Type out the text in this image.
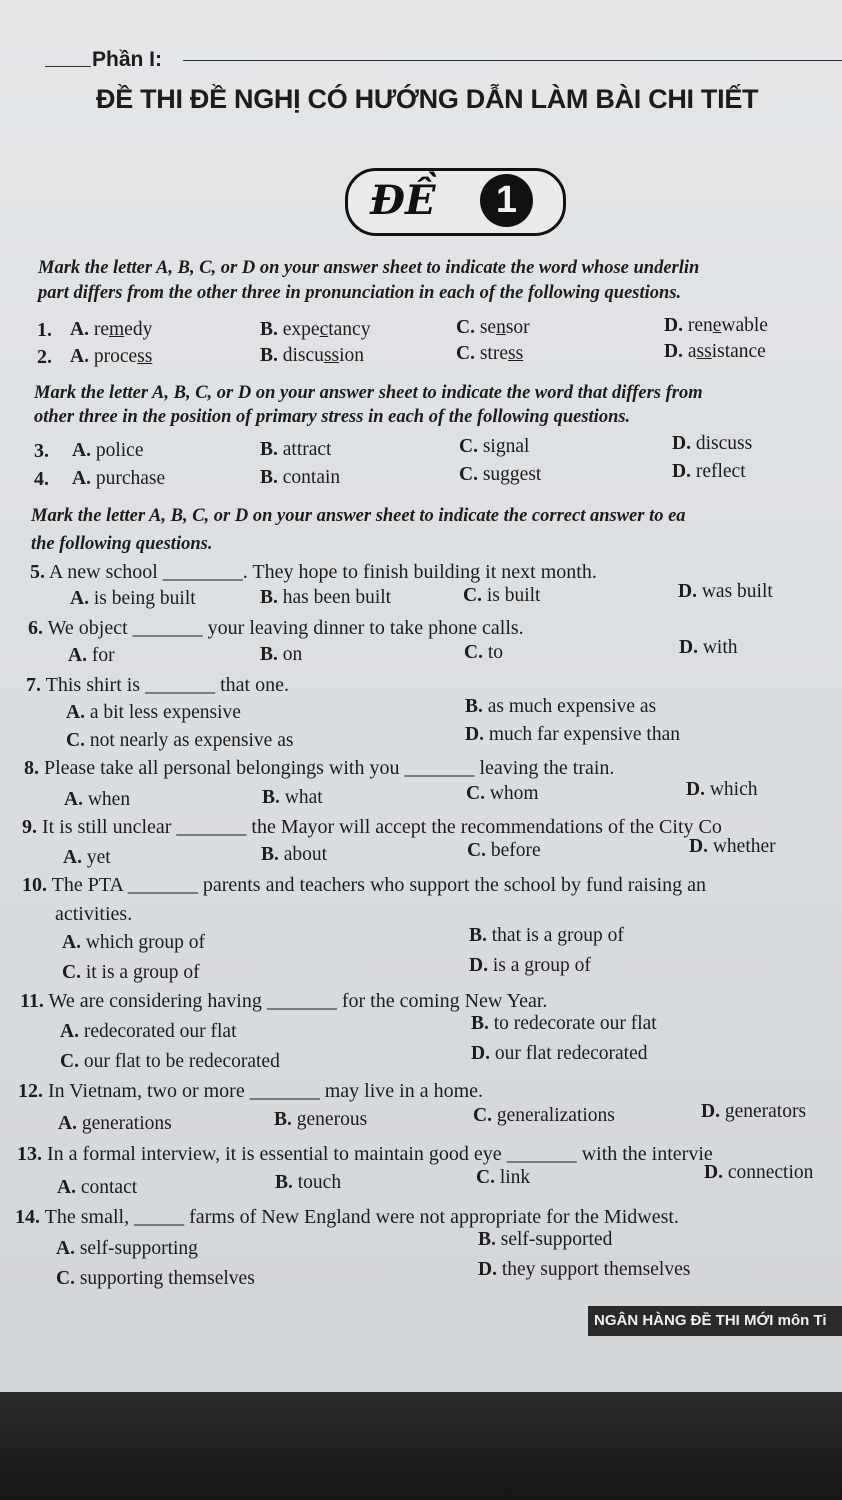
Phần I:
ĐỀ THI ĐỀ NGHỊ CÓ HƯỚNG DẪN LÀM BÀI CHI TIẾT
ĐỀ	1
Mark the letter A, B, C, or D on your answer sheet to indicate the word whose underlin
part differs from the other three in pronunciation in each of the following questions.
1. A. remedy	B. expectancy	C. sensor	D. renewable
2. A. process	B. discussion	C. stress	D. assistance
Mark the letter A, B, C, or D on your answer sheet to indicate the word that differs from
other three in the position of primary stress in each of the following questions.
3. A. police	B. attract	C. signal	D. discuss
4. A. purchase	B. contain	C. suggest	D. reflect
Mark the letter A, B, C, or D on your answer sheet to indicate the correct answer to ea
the following questions.
5. A new school ________. They hope to finish building it next month.
A. is being built	B. has been built	C. is built	D. was built
6. We object _______ your leaving dinner to take phone calls.
A. for	B. on	C. to	D. with
7. This shirt is _______ that one.
A. a bit less expensive	B. as much expensive as
C. not nearly as expensive as	D. much far expensive than
8. Please take all personal belongings with you _______ leaving the train.
A. when	B. what	C. whom	D. which
9. It is still unclear _______ the Mayor will accept the recommendations of the City Co
A. yet	B. about	C. before	D. whether
10. The PTA _______ parents and teachers who support the school by fund raising an
activities.
A. which group of	B. that is a group of
C. it is a group of	D. is a group of
11. We are considering having _______ for the coming New Year.
A. redecorated our flat	B. to redecorate our flat
C. our flat to be redecorated	D. our flat redecorated
12. In Vietnam, two or more _______ may live in a home.
A. generations	B. generous	C. generalizations	D. generators
13. In a formal interview, it is essential to maintain good eye _______ with the intervie
A. contact	B. touch	C. link	D. connection
14. The small, _____ farms of New England were not appropriate for the Midwest.
A. self-supporting	B. self-supported
C. supporting themselves	D. they support themselves
NGÂN HÀNG ĐỀ THI MỚI môn Ti
